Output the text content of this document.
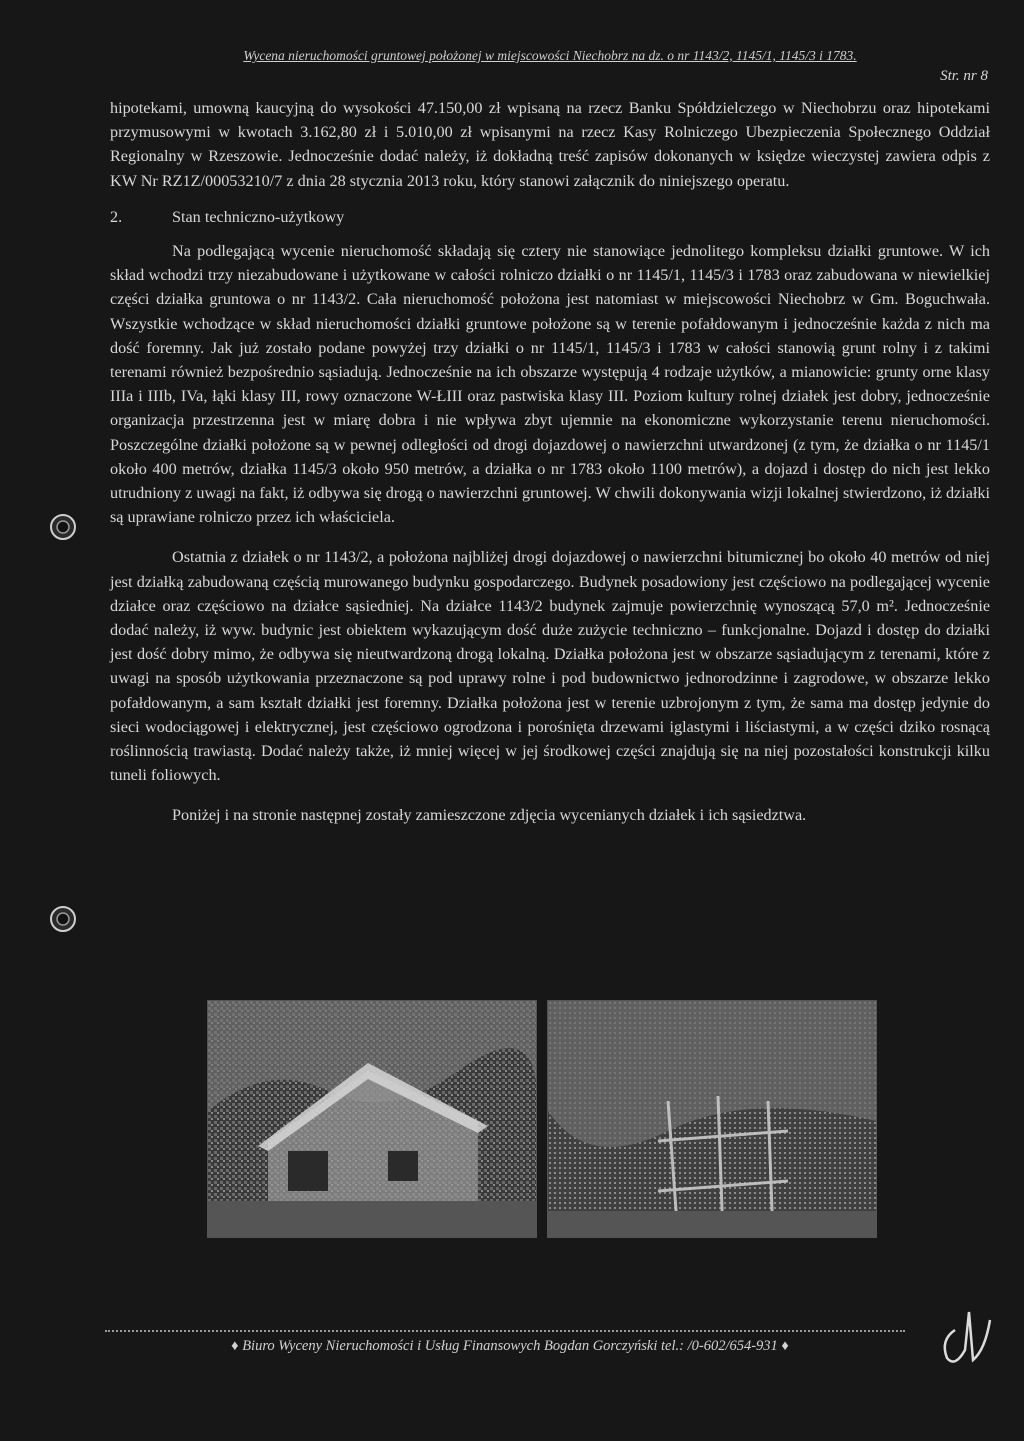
Wycena nieruchomości gruntowej położonej w miejscowości Niechobrz na dz. o nr 1143/2, 1145/1, 1145/3 i 1783.
Str. nr 8

hipotekami, umowną kaucyjną do wysokości 47.150,00 zł wpisaną na rzecz Banku Spółdzielczego w Niechobrzu oraz hipotekami przymusowymi w kwotach 3.162,80 zł i 5.010,00 zł wpisanymi na rzecz Kasy Rolniczego Ubezpieczenia Społecznego Oddział Regionalny w Rzeszowie. Jednocześnie dodać należy, iż dokładną treść zapisów dokonanych w księdze wieczystej zawiera odpis z KW Nr RZ1Z/00053210/7 z dnia 28 stycznia 2013 roku, który stanowi załącznik do niniejszego operatu.

2.	Stan techniczno-użytkowy

Na podlegającą wycenie nieruchomość składają się cztery nie stanowiące jednolitego kompleksu działki gruntowe. W ich skład wchodzi trzy niezabudowane i użytkowane w całości rolniczo działki o nr 1145/1, 1145/3 i 1783 oraz zabudowana w niewielkiej części działka gruntowa o nr 1143/2. Cała nieruchomość położona jest natomiast w miejscowości Niechobrz w Gm. Boguchwała. Wszystkie wchodzące w skład nieruchomości działki gruntowe położone są w terenie pofałdowanym i jednocześnie każda z nich ma dość foremny. Jak już zostało podane powyżej trzy działki o nr 1145/1, 1145/3 i 1783 w całości stanowią grunt rolny i z takimi terenami również bezpośrednio sąsiadują. Jednocześnie na ich obszarze występują 4 rodzaje użytków, a mianowicie: grunty orne klasy IIIa i IIIb, IVa, łąki klasy III, rowy oznaczone W-ŁIII oraz pastwiska klasy III. Poziom kultury rolnej działek jest dobry, jednocześnie organizacja przestrzenna jest w miarę dobra i nie wpływa zbyt ujemnie na ekonomiczne wykorzystanie terenu nieruchomości. Poszczególne działki położone są w pewnej odległości od drogi dojazdowej o nawierzchni utwardzonej (z tym, że działka o nr 1145/1 około 400 metrów, działka 1145/3 około 950 metrów, a działka o nr 1783 około 1100 metrów), a dojazd i dostęp do nich jest lekko utrudniony z uwagi na fakt, iż odbywa się drogą o nawierzchni gruntowej. W chwili dokonywania wizji lokalnej stwierdzono, iż działki są uprawiane rolniczo przez ich właściciela.

Ostatnia z działek o nr 1143/2, a położona najbliżej drogi dojazdowej o nawierzchni bitumicznej bo około 40 metrów od niej jest działką zabudowaną częścią murowanego budynku gospodarczego. Budynek posadowiony jest częściowo na podlegającej wycenie działce oraz częściowo na działce sąsiedniej. Na działce 1143/2 budynek zajmuje powierzchnię wynoszącą 57,0 m². Jednocześnie dodać należy, iż wyw. budynic jest obiektem wykazującym dość duże zużycie techniczno – funkcjonalne. Dojazd i dostęp do działki jest dość dobry mimo, że odbywa się nieutwardzoną drogą lokalną. Działka położona jest w obszarze sąsiadującym z terenami, które z uwagi na sposób użytkowania przeznaczone są pod uprawy rolne i pod budownictwo jednorodzinne i zagrodowe, w obszarze lekko pofałdowanym, a sam kształt działki jest foremny. Działka położona jest w terenie uzbrojonym z tym, że sama ma dostęp jedynie do sieci wodociągowej i elektrycznej, jest częściowo ogrodzona i porośnięta drzewami iglastymi i liściastymi, a w części dziko rosnącą roślinnością trawiastą. Dodać należy także, iż mniej więcej w jej środkowej części znajdują się na niej pozostałości konstrukcji kilku tuneli foliowych.

Poniżej i na stronie następnej zostały zamieszczone zdjęcia wycenianych działek i ich sąsiedztwa.

♦ Biuro Wyceny Nieruchomości i Usług Finansowych Bogdan Gorczyński tel.: /0-602/654-931 ♦
